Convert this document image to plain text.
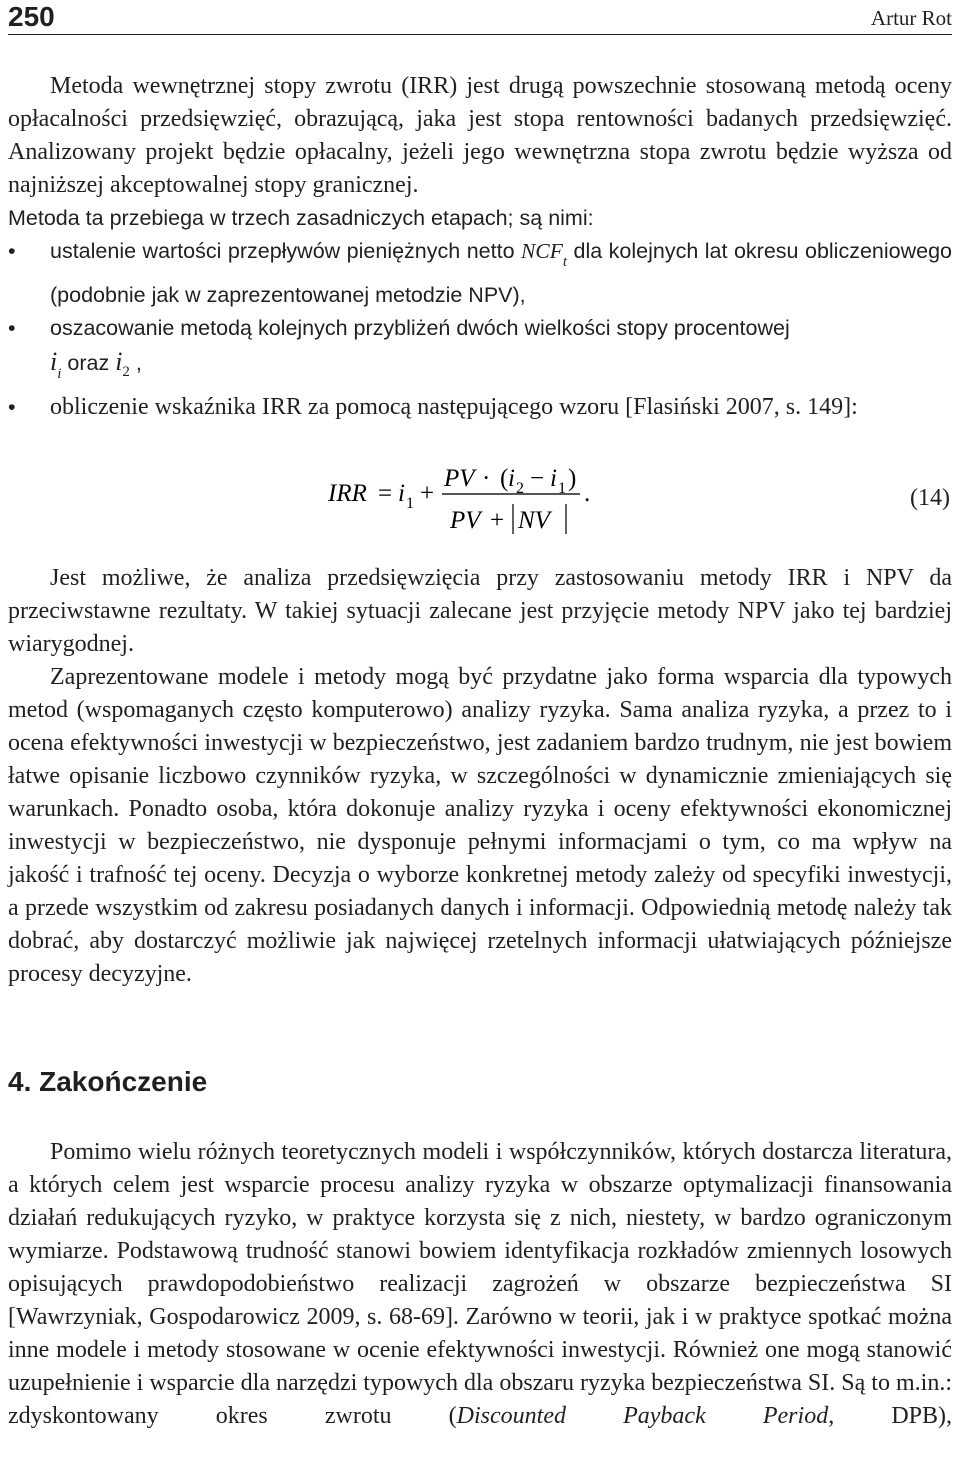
250	Artur Rot

Metoda wewnętrznej stopy zwrotu (IRR) jest drugą powszechnie stosowaną metodą oceny opłacalności przedsięwzięć, obrazującą, jaka jest stopa rentowności badanych przedsięwzięć. Analizowany projekt będzie opłacalny, jeżeli jego wewnętrzna stopa zwrotu będzie wyższa od najniższej akceptowalnej stopy granicznej.

Metoda ta przebiega w trzech zasadniczych etapach; są nimi:

• ustalenie wartości przepływów pieniężnych netto $NCF_t$ dla kolejnych lat okresu obliczeniowego (podobnie jak w zaprezentowanej metodzie NPV),
• oszacowanie metodą kolejnych przybliżeń dwóch wielkości stopy procentowej
$i_i$ oraz $i_2$ ,
• obliczenie wskaźnika IRR za pomocą następującego wzoru [Flasiński 2007, s. 149]:
IRR = i 1 +
PV · ( i 2 − i 1 )
PV + NV
.	(14)

Jest możliwe, że analiza przedsięwzięcia przy zastosowaniu metody IRR i NPV da przeciwstawne rezultaty. W takiej sytuacji zalecane jest przyjęcie metody NPV jako tej bardziej wiarygodnej.

Zaprezentowane modele i metody mogą być przydatne jako forma wsparcia dla typowych metod (wspomaganych często komputerowo) analizy ryzyka. Sama analiza ryzyka, a przez to i ocena efektywności inwestycji w bezpieczeństwo, jest zadaniem bardzo trudnym, nie jest bowiem łatwe opisanie liczbowo czynników ryzyka, w szczególności w dynamicznie zmieniających się warunkach. Ponadto osoba, która dokonuje analizy ryzyka i oceny efektywności ekonomicznej inwestycji w bezpieczeństwo, nie dysponuje pełnymi informacjami o tym, co ma wpływ na jakość i trafność tej oceny. Decyzja o wyborze konkretnej metody zależy od specyfiki inwestycji, a przede wszystkim od zakresu posiadanych danych i informacji. Odpowiednią metodę należy tak dobrać, aby dostarczyć możliwie jak najwięcej rzetelnych informacji ułatwiających późniejsze procesy decyzyjne.

4. Zakończenie

Pomimo wielu różnych teoretycznych modeli i współczynników, których dostarcza literatura, a których celem jest wsparcie procesu analizy ryzyka w obszarze optymalizacji finansowania działań redukujących ryzyko, w praktyce korzysta się z nich, niestety, w bardzo ograniczonym wymiarze. Podstawową trudność stanowi bowiem identyfikacja rozkładów zmiennych losowych opisujących prawdopodobieństwo realizacji zagrożeń w obszarze bezpieczeństwa SI [Wawrzyniak, Gospodarowicz 2009, s. 68-69]. Zarówno w teorii, jak i w praktyce spotkać można inne modele i metody stosowane w ocenie efektywności inwestycji. Również one mogą stanowić uzupełnienie i wsparcie dla narzędzi typowych dla obszaru ryzyka bezpieczeństwa SI. Są to m.in.: zdyskontowany okres zwrotu (Discounted Payback Period, DPB),
